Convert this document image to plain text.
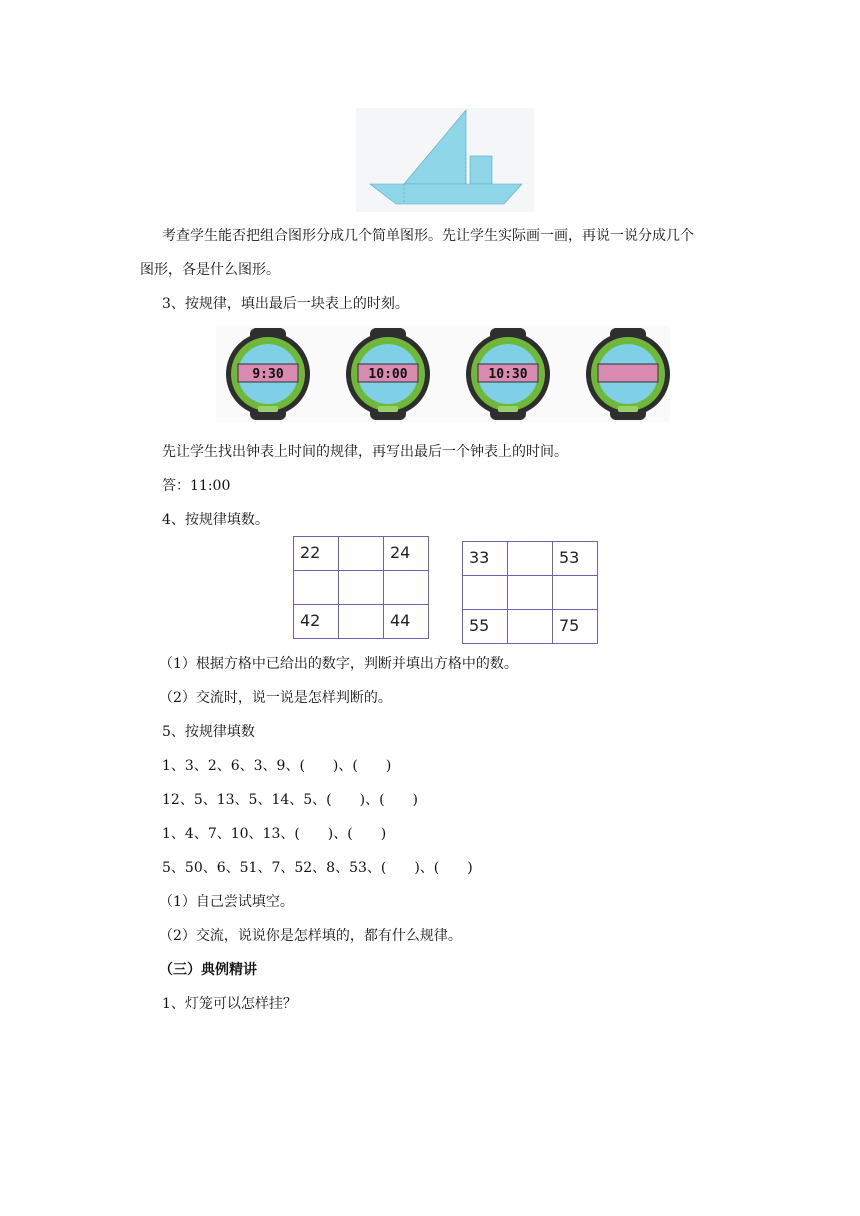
考查学生能否把组合图形分成几个简单图形。先让学生实际画一画，再说一说分成几个
图形，各是什么图形。
3、按规律，填出最后一块表上的时刻。
9:30	10:00	10:30
先让学生找出钟表上时间的规律，再写出最后一个钟表上的时间。
答：11:00
4、按规律填数。
22		24

42		44
33		53

55		75
（1）根据方格中已给出的数字，判断并填出方格中的数。
（2）交流时，说一说是怎样判断的。
5、按规律填数
1、3、2、6、3、9、(　　)、(　　)
12、5、13、5、14、5、(　　)、(　　)
1、4、7、10、13、(　　)、(　　)
5、50、6、51、7、52、8、53、(　　)、(　　)
（1）自己尝试填空。
（2）交流，说说你是怎样填的，都有什么规律。
（三）典例精讲
1、灯笼可以怎样挂？
